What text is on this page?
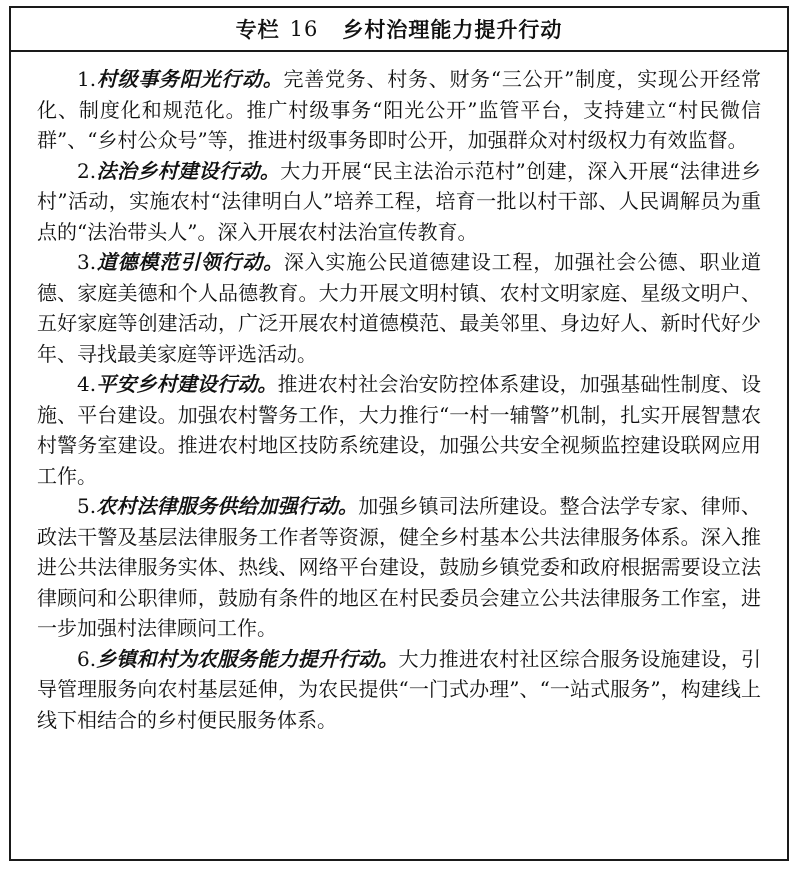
专栏 16 乡村治理能力提升行动

1.村级事务阳光行动。完善党务、村务、财务“三公开”制度，实现公开经常化、制度化和规范化。推广村级事务“阳光公开”监管平台，支持建立“村民微信群”、“乡村公众号”等，推进村级事务即时公开，加强群众对村级权力有效监督。

2.法治乡村建设行动。大力开展“民主法治示范村”创建，深入开展“法律进乡村”活动，实施农村“法律明白人”培养工程，培育一批以村干部、人民调解员为重点的“法治带头人”。深入开展农村法治宣传教育。

3.道德模范引领行动。深入实施公民道德建设工程，加强社会公德、职业道德、家庭美德和个人品德教育。大力开展文明村镇、农村文明家庭、星级文明户、五好家庭等创建活动，广泛开展农村道德模范、最美邻里、身边好人、新时代好少年、寻找最美家庭等评选活动。

4.平安乡村建设行动。推进农村社会治安防控体系建设，加强基础性制度、设施、平台建设。加强农村警务工作，大力推行“一村一辅警”机制，扎实开展智慧农村警务室建设。推进农村地区技防系统建设，加强公共安全视频监控建设联网应用工作。

5.农村法律服务供给加强行动。加强乡镇司法所建设。整合法学专家、律师、政法干警及基层法律服务工作者等资源，健全乡村基本公共法律服务体系。深入推进公共法律服务实体、热线、网络平台建设，鼓励乡镇党委和政府根据需要设立法律顾问和公职律师，鼓励有条件的地区在村民委员会建立公共法律服务工作室，进一步加强村法律顾问工作。

6.乡镇和村为农服务能力提升行动。大力推进农村社区综合服务设施建设，引导管理服务向农村基层延伸，为农民提供“一门式办理”、“一站式服务”，构建线上线下相结合的乡村便民服务体系。
